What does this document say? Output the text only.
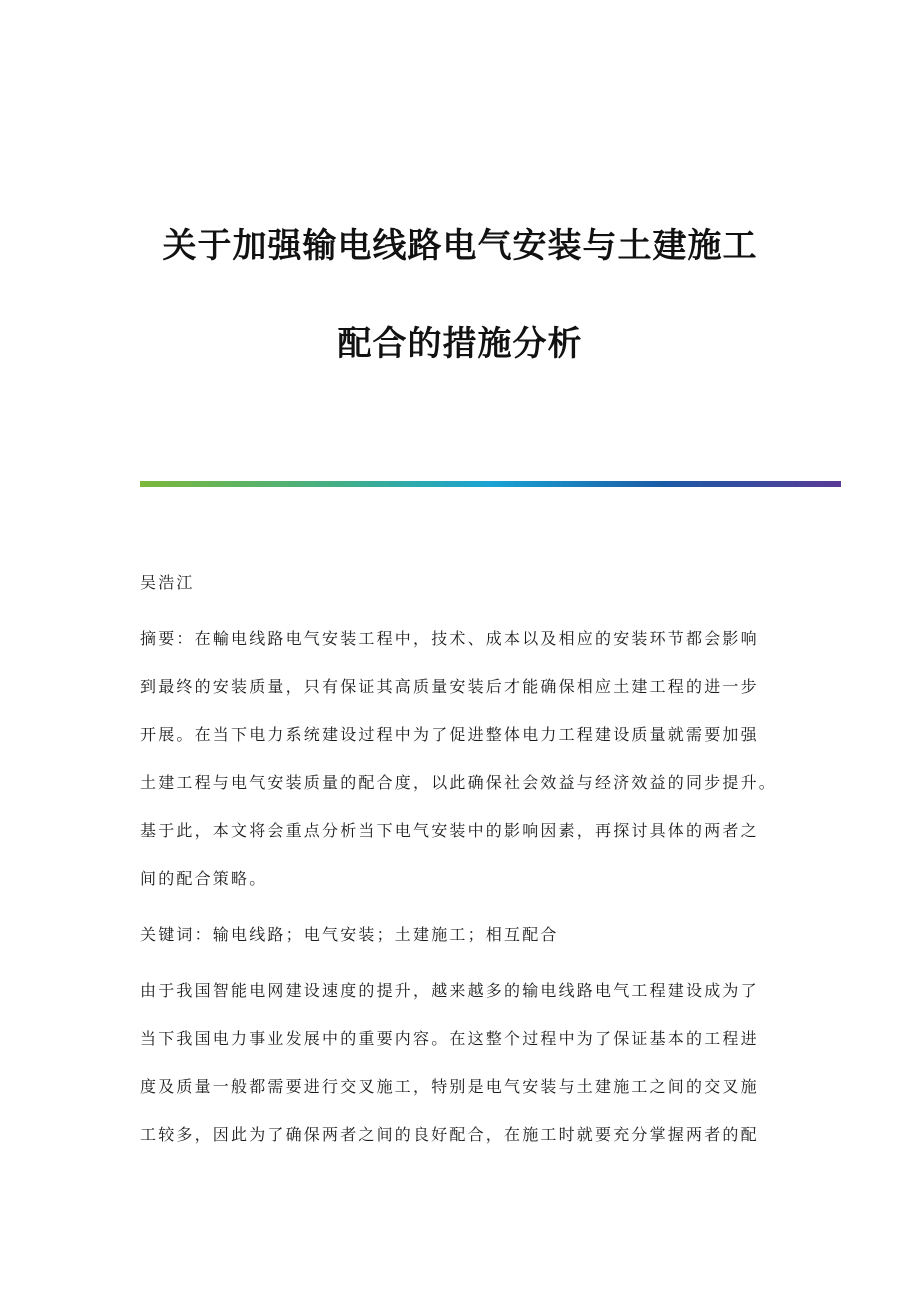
关于加强输电线路电气安装与土建施工
配合的措施分析
吴浩江
摘要：在輸电线路电气安装工程中，技术、成本以及相应的安装环节都会影响
到最终的安装质量，只有保证其高质量安装后才能确保相应土建工程的进一步
开展。在当下电力系统建设过程中为了促进整体电力工程建设质量就需要加强
土建工程与电气安装质量的配合度，以此确保社会效益与经济效益的同步提升。
基于此，本文将会重点分析当下电气安装中的影响因素，再探讨具体的两者之
间的配合策略。
关键词：输电线路；电气安装；土建施工；相互配合
由于我国智能电网建设速度的提升，越来越多的输电线路电气工程建设成为了
当下我国电力事业发展中的重要内容。在这整个过程中为了保证基本的工程进
度及质量一般都需要进行交叉施工，特别是电气安装与土建施工之间的交叉施
工较多，因此为了确保两者之间的良好配合，在施工时就要充分掌握两者的配
